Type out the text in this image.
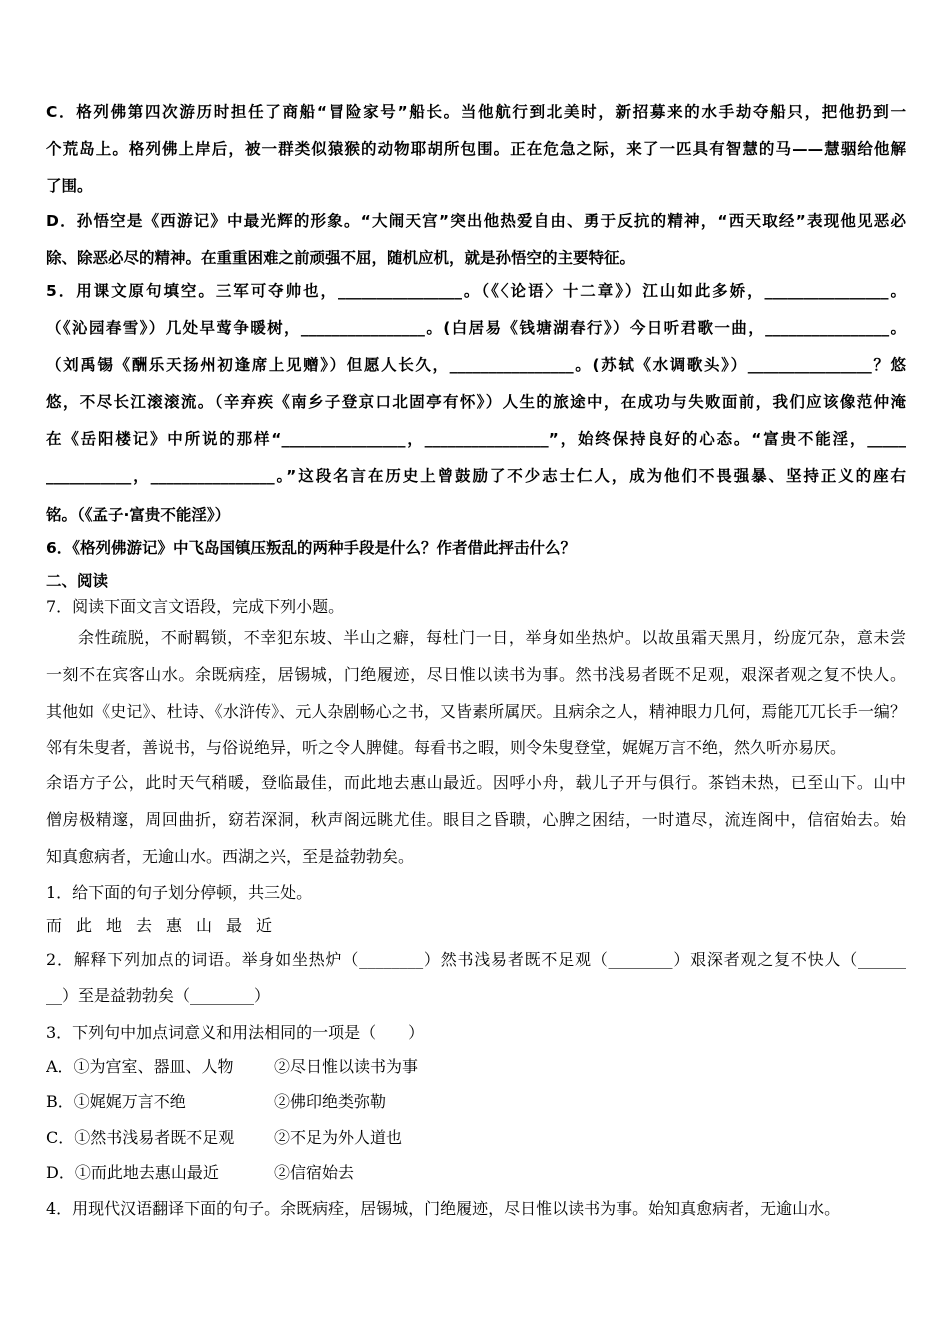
C．格列佛第四次游历时担任了商船“冒险家号”船长。当他航行到北美时，新招募来的水手劫夺船只，把他扔到一
个荒岛上。格列佛上岸后，被一群类似猿猴的动物耶胡所包围。正在危急之际，来了一匹具有智慧的马——慧骃给他解
了围。
D．孙悟空是《西游记》中最光辉的形象。“大闹天宫”突出他热爱自由、勇于反抗的精神，“西天取经”表现他见恶必
除、除恶必尽的精神。在重重困难之前顽强不屈，随机应机，就是孙悟空的主要特征。
5．用课文原句填空。三军可夺帅也，________________。（《〈论语〉十二章》）江山如此多娇，________________。
（《沁园春雪》）几处早莺争暖树，________________。(白居易《钱塘湖春行》）今日听君歌一曲，________________。
（刘禹锡《酬乐天扬州初逢席上见赠》）但愿人长久，________________。(苏轼《水调歌头》）________________？悠
悠，不尽长江滚滚流。（辛弃疾《南乡子登京口北固亭有怀》）人生的旅途中，在成功与失败面前，我们应该像范仲淹
在《岳阳楼记》中所说的那样“________________，________________”，始终保持良好的心态。“富贵不能淫，_____
___________，________________。”这段名言在历史上曾鼓励了不少志士仁人，成为他们不畏强暴、坚持正义的座右
铭。（《孟子·富贵不能淫》）
6．《格列佛游记》中飞岛国镇压叛乱的两种手段是什么？作者借此抨击什么？
二、阅读
7．阅读下面文言文语段，完成下列小题。
余性疏脱，不耐羁锁，不幸犯东坡、半山之癖，每杜门一日，举身如坐热炉。以故虽霜天黑月，纷庞冗杂，意未尝
一刻不在宾客山水。余既病痊，居锡城，门绝履迹，尽日惟以读书为事。然书浅易者既不足观，艰深者观之复不快人。
其他如《史记》、杜诗、《水浒传》、元人杂剧畅心之书，又皆素所属厌。且病余之人，精神眼力几何，焉能兀兀长手一编？
邻有朱叟者，善说书，与俗说绝异，听之令人脾健。每看书之暇，则令朱叟登堂，娓娓万言不绝，然久听亦易厌。
余语方子公，此时天气稍暖，登临最佳，而此地去惠山最近。因呼小舟，载儿子开与俱行。茶铛未热，已至山下。山中
僧房极精邃，周回曲折，窈若深洞，秋声阁远眺尤佳。眼目之昏聩，心脾之困结，一时遣尽，流连阁中，信宿始去。始
知真愈病者，无逾山水。西湖之兴，至是益勃勃矣。
1．给下面的句子划分停顿，共三处。
而此地去惠山最近
2．解释下列加点的词语。举身如坐热炉（________）然书浅易者既不足观（________）艰深者观之复不快人（______
__）至是益勃勃矣（________）
3．下列句中加点词意义和用法相同的一项是（　　）
A．①为宫室、器皿、人物	②尽日惟以读书为事
B．①娓娓万言不绝	②佛印绝类弥勒
C．①然书浅易者既不足观	②不足为外人道也
D．①而此地去惠山最近	②信宿始去
4．用现代汉语翻译下面的句子。余既病痊，居锡城，门绝履迹，尽日惟以读书为事。始知真愈病者，无逾山水。
